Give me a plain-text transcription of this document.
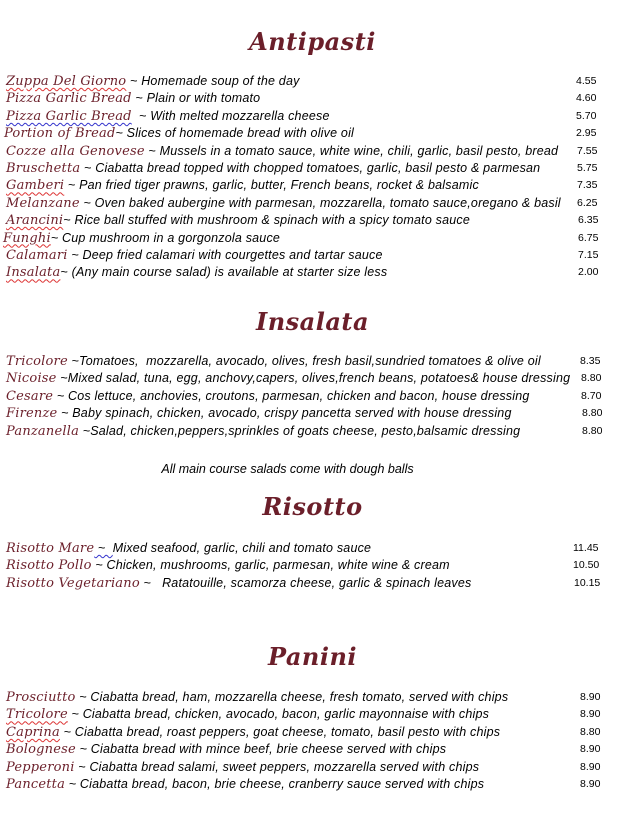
Antipasti
Zuppa Del Giorno ~ Homemade soup of the day	4.55
Pizza Garlic Bread ~ Plain or with tomato	4.60
Pizza Garlic Bread  ~ With melted mozzarella cheese	5.70
Portion of Bread~ Slices of homemade bread with olive oil	2.95
Cozze alla Genovese ~ Mussels in a tomato sauce, white wine, chili, garlic, basil pesto, bread 7.55
Bruschetta ~ Ciabatta bread topped with chopped tomatoes, garlic, basil pesto & parmesan	5.75
Gamberi ~ Pan fried tiger prawns, garlic, butter, French beans, rocket & balsamic	7.35
Melanzane ~ Oven baked aubergine with parmesan, mozzarella, tomato sauce,oregano & basil 6.25
Arancini~ Rice ball stuffed with mushroom & spinach with a spicy tomato sauce	6.35
Funghi~ Cup mushroom in a gorgonzola sauce	6.75
Calamari ~ Deep fried calamari with courgettes and tartar sauce	7.15
Insalata~ (Any main course salad) is available at starter size less	2.00
Insalata
Tricolore ~Tomatoes,  mozzarella, avocado, olives, fresh basil,sundried tomatoes & olive oil	8.35
Nicoise ~Mixed salad, tuna, egg, anchovy,capers, olives,french beans, potatoes& house dressing 8.80
Cesare ~ Cos lettuce, anchovies, croutons, parmesan, chicken and bacon, house dressing	8.70
Firenze ~ Baby spinach, chicken, avocado, crispy pancetta served with house dressing	8.80
Panzanella ~Salad, chicken,peppers,sprinkles of goats cheese, pesto,balsamic dressing	8.80
All main course salads come with dough balls
Risotto
Risotto Mare ~  Mixed seafood, garlic, chili and tomato sauce	11.45
Risotto Pollo ~ Chicken, mushrooms, garlic, parmesan, white wine & cream	10.50
Risotto Vegetariano ~   Ratatouille, scamorza cheese, garlic & spinach leaves	10.15
Panini
Prosciutto ~ Ciabatta bread, ham, mozzarella cheese, fresh tomato, served with chips	8.90
Tricolore ~ Ciabatta bread, chicken, avocado, bacon, garlic mayonnaise with chips	8.90
Caprina ~ Ciabatta bread, roast peppers, goat cheese, tomato, basil pesto with chips	8.80
Bolognese ~ Ciabatta bread with mince beef, brie cheese served with chips	8.90
Pepperoni ~ Ciabatta bread salami, sweet peppers, mozzarella served with chips	8.90
Pancetta ~ Ciabatta bread, bacon, brie cheese, cranberry sauce served with chips	8.90
